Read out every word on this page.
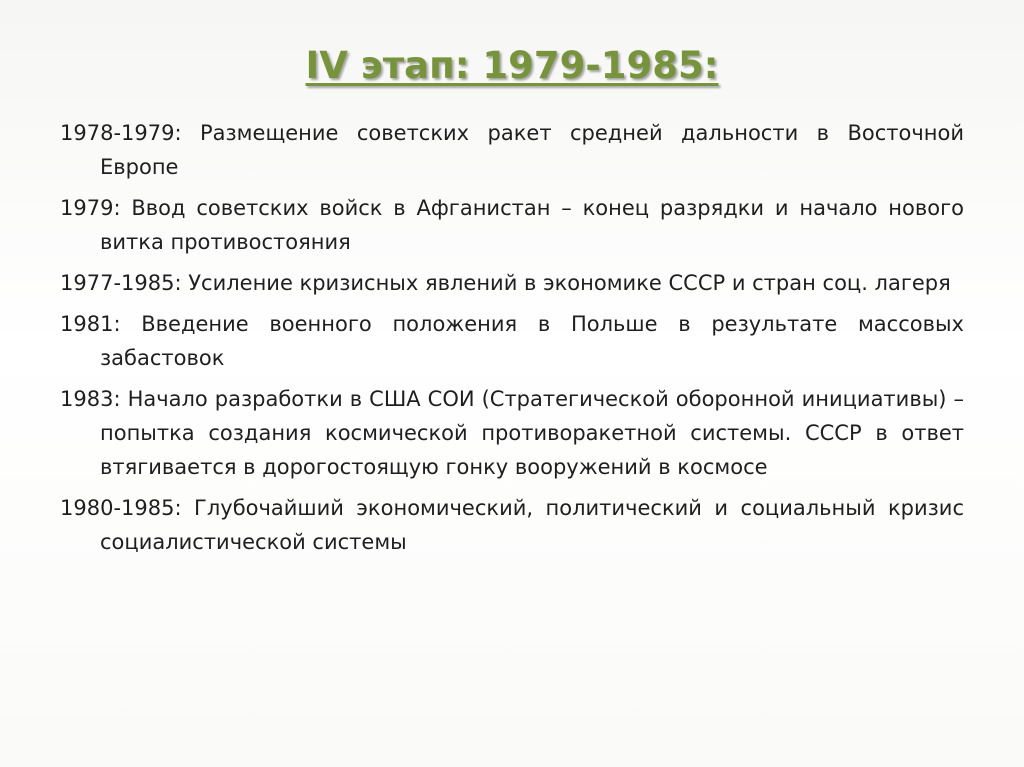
IV этап: 1979-1985:
1978-1979: Размещение советских ракет средней дальности в Восточной Европе
1979: Ввод советских войск в Афганистан – конец разрядки и начало нового витка противостояния
1977-1985: Усиление кризисных явлений в экономике СССР и стран соц. лагеря
1981: Введение военного положения в Польше в результате массовых забастовок
1983: Начало разработки в США СОИ (Стратегической оборонной инициативы) – попытка создания космической противоракетной системы. СССР в ответ втягивается в дорогостоящую гонку вооружений в космосе
1980-1985: Глубочайший экономический, политический и социальный кризис социалистической системы
